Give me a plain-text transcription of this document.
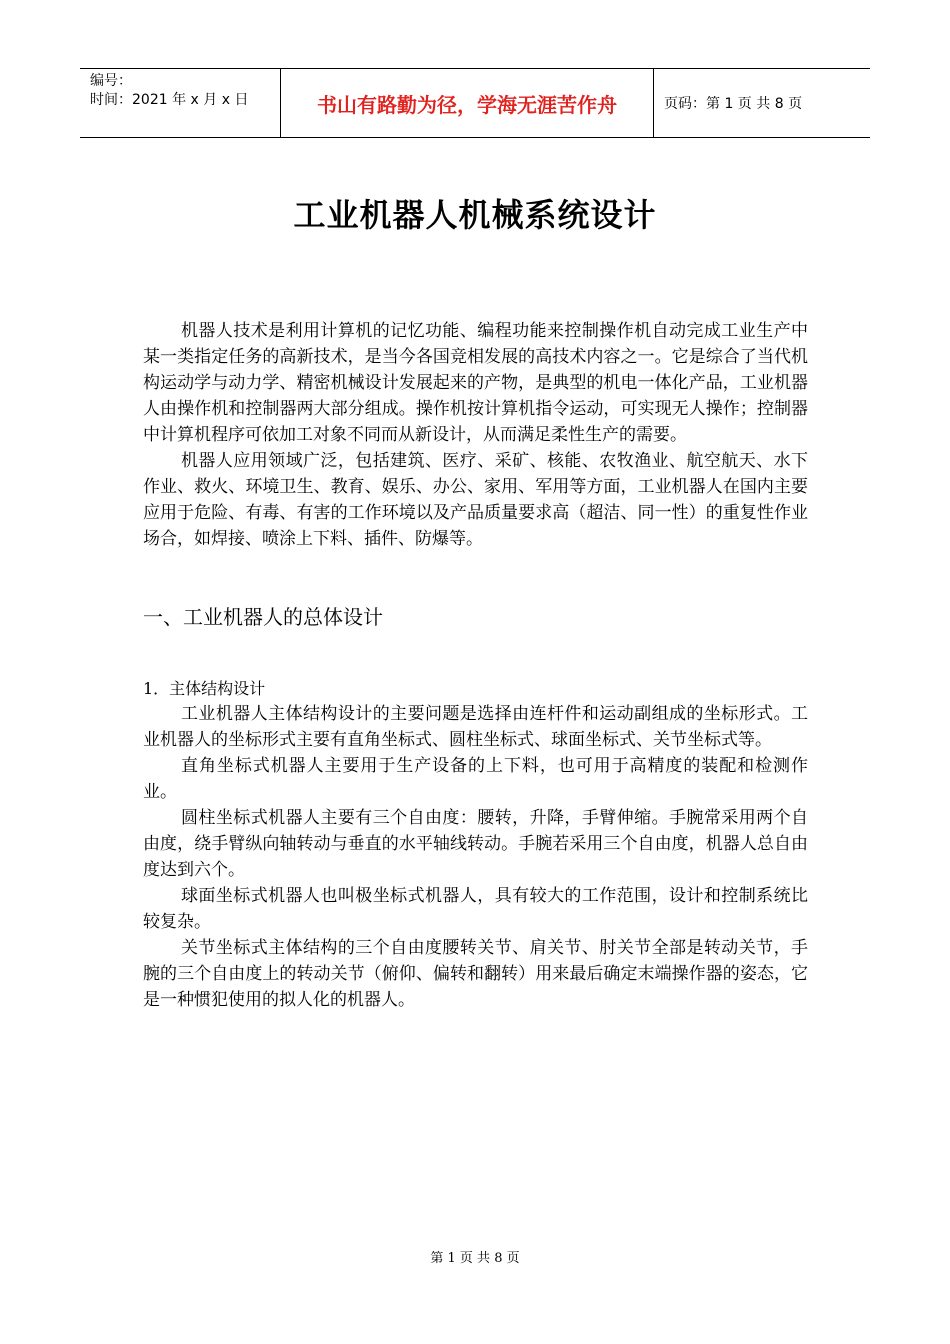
编号：
时间：2021 年 x 月 x 日	书山有路勤为径，学海无涯苦作舟	页码：第 1 页 共 8 页
工业机器人机械系统设计

机器人技术是利用计算机的记忆功能、编程功能来控制操作机自动完成工业生产中某一类指定任务的高新技术，是当今各国竞相发展的高技术内容之一。它是综合了当代机构运动学与动力学、精密机械设计发展起来的产物，是典型的机电一体化产品，工业机器人由操作机和控制器两大部分组成。操作机按计算机指令运动，可实现无人操作；控制器中计算机程序可依加工对象不同而从新设计，从而满足柔性生产的需要。

机器人应用领域广泛，包括建筑、医疗、采矿、核能、农牧渔业、航空航天、水下作业、救火、环境卫生、教育、娱乐、办公、家用、军用等方面，工业机器人在国内主要应用于危险、有毒、有害的工作环境以及产品质量要求高（超洁、同一性）的重复性作业场合，如焊接、喷涂上下料、插件、防爆等。

一、工业机器人的总体设计
1．主体结构设计

工业机器人主体结构设计的主要问题是选择由连杆件和运动副组成的坐标形式。工业机器人的坐标形式主要有直角坐标式、圆柱坐标式、球面坐标式、关节坐标式等。

直角坐标式机器人主要用于生产设备的上下料，也可用于高精度的装配和检测作业。

圆柱坐标式机器人主要有三个自由度：腰转，升降，手臂伸缩。手腕常采用两个自由度，绕手臂纵向轴转动与垂直的水平轴线转动。手腕若采用三个自由度，机器人总自由度达到六个。

球面坐标式机器人也叫极坐标式机器人，具有较大的工作范围，设计和控制系统比较复杂。

关节坐标式主体结构的三个自由度腰转关节、肩关节、肘关节全部是转动关节，手腕的三个自由度上的转动关节（俯仰、偏转和翻转）用来最后确定末端操作器的姿态，它是一种惯犯使用的拟人化的机器人。

第 1 页 共 8 页
